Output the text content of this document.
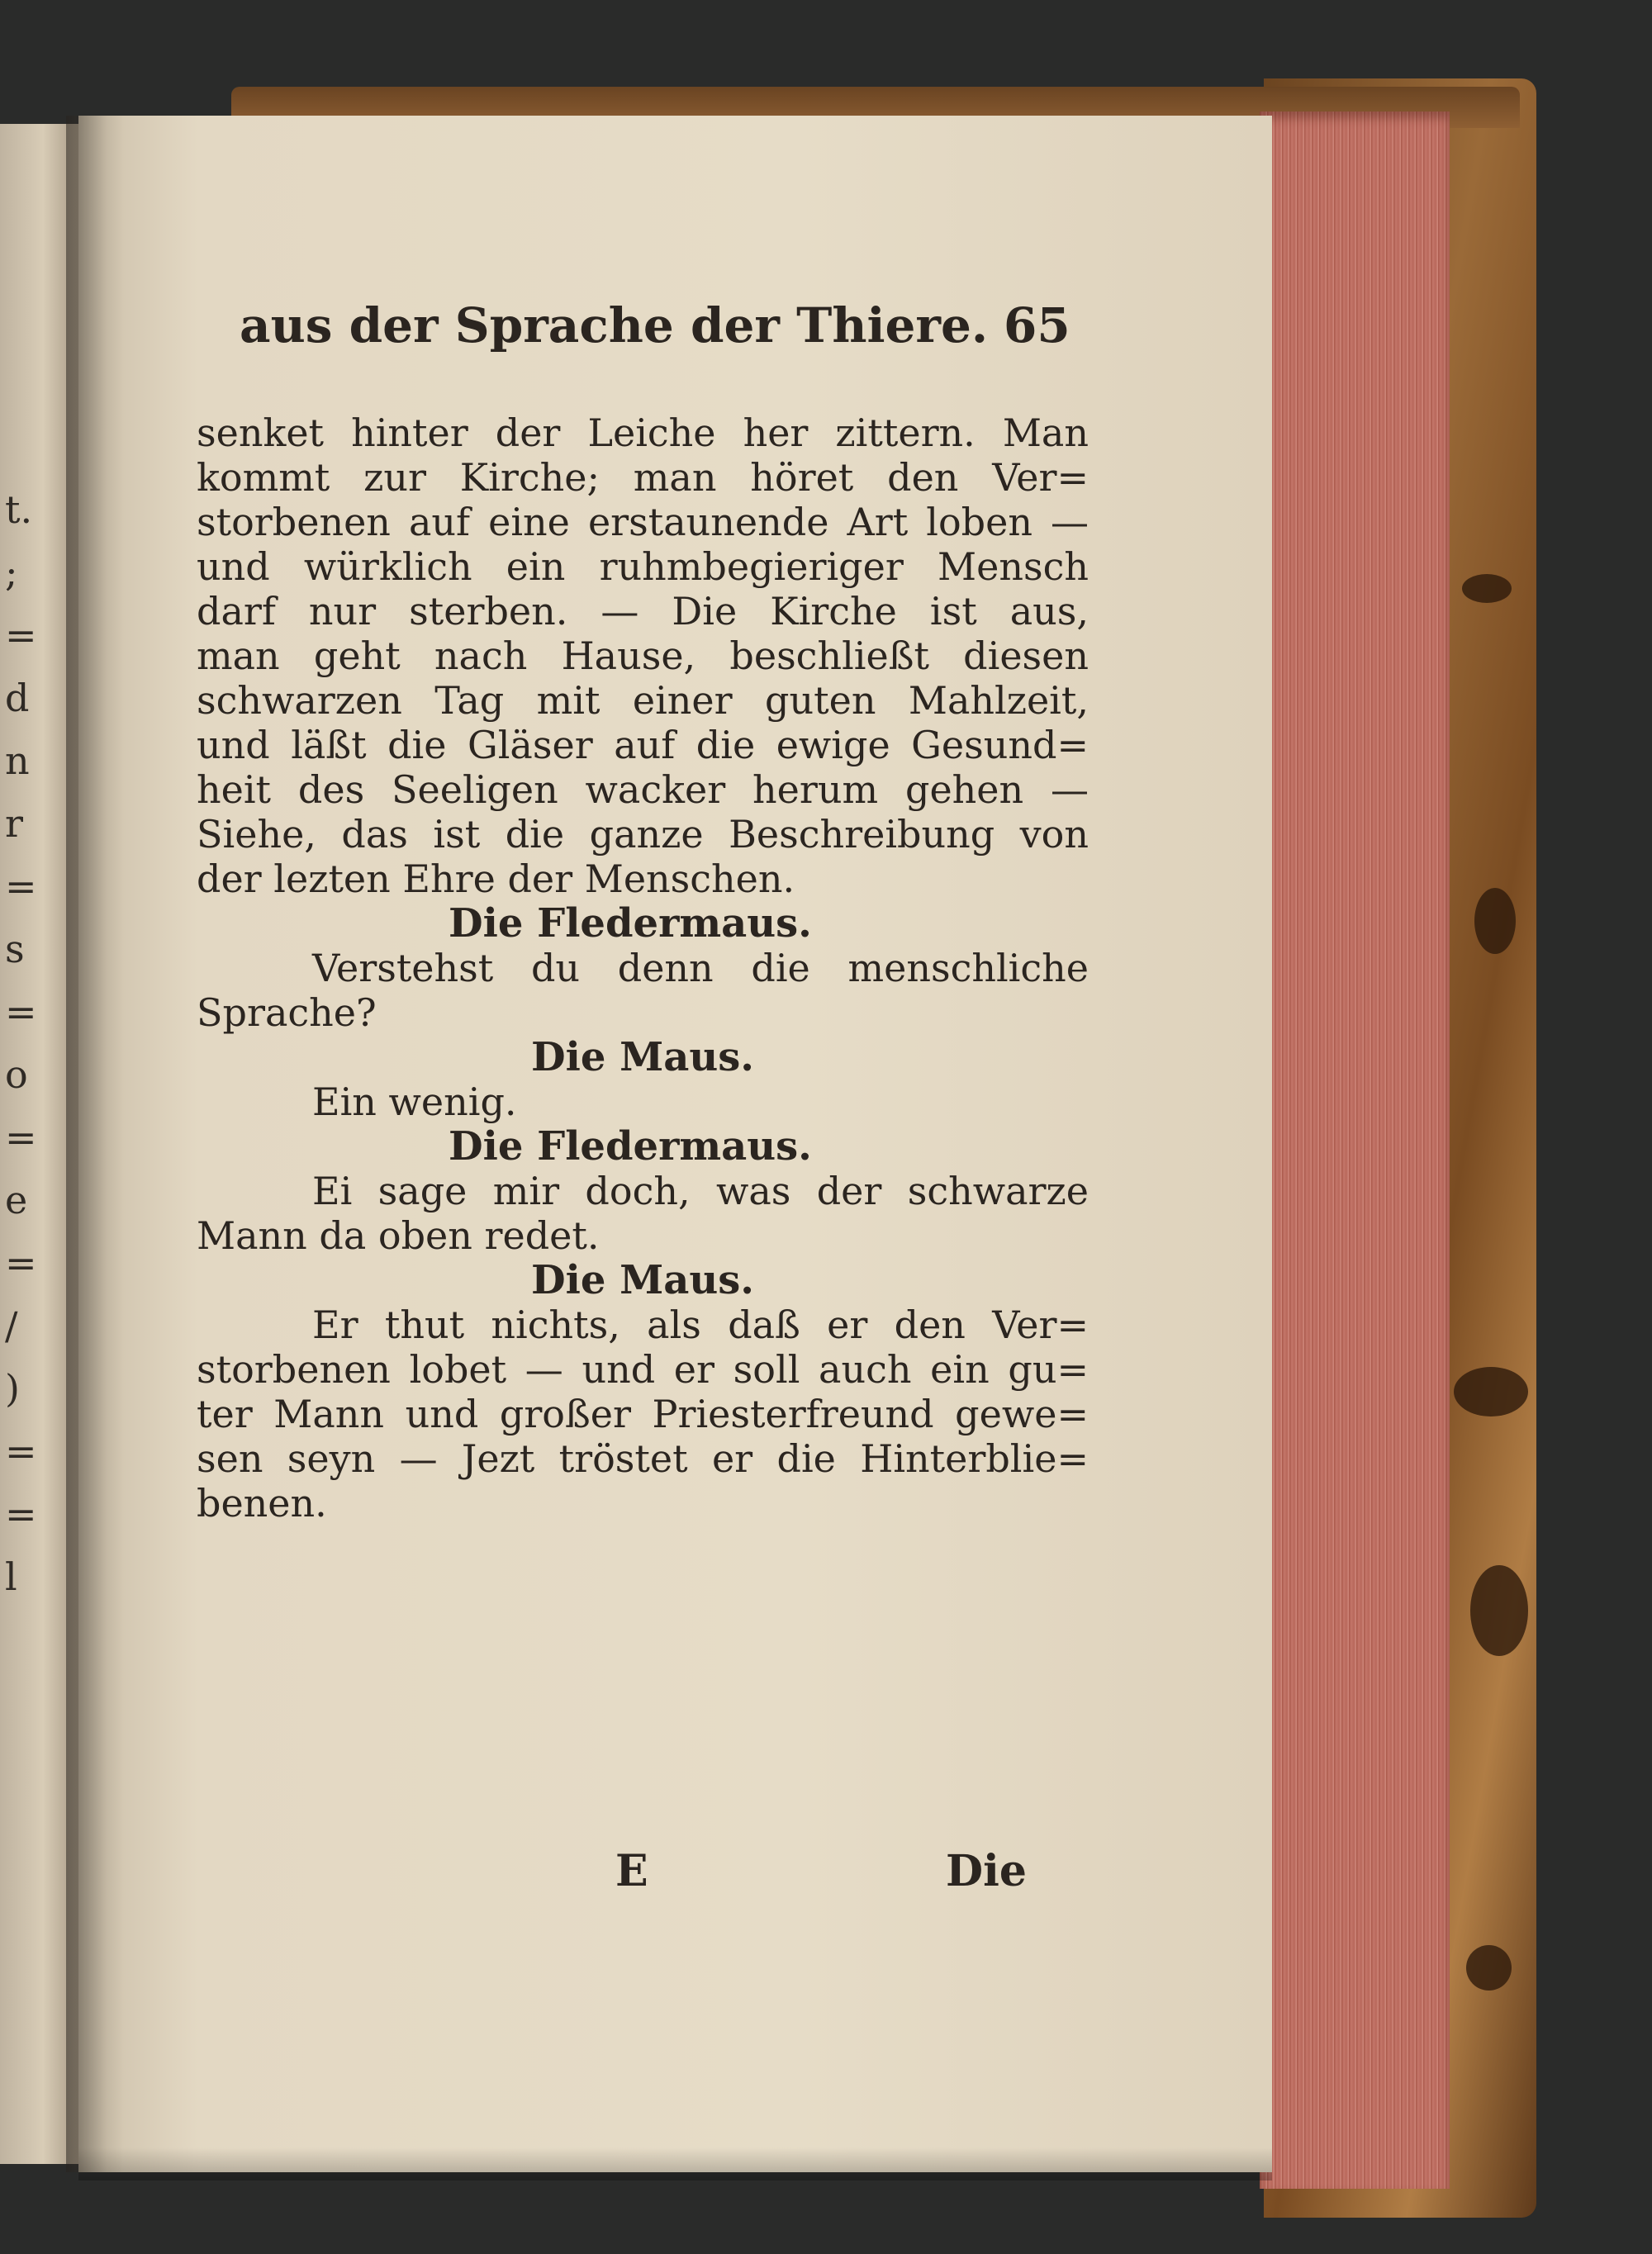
t.
;
=
d
n
r
=
s
=
o
=
e
=
/
)
=
=
l
aus der Sprache der Thiere. 65
senket hinter der Leiche her zittern. Man
kommt zur Kirche; man höret den Ver=
storbenen auf eine erstaunende Art loben —
und würklich ein ruhmbegieriger Mensch
darf nur sterben. — Die Kirche ist aus,
man geht nach Hause, beschließt diesen
schwarzen Tag mit einer guten Mahlzeit,
und läßt die Gläser auf die ewige Gesund=
heit des Seeligen wacker herum gehen —
Siehe, das ist die ganze Beschreibung von
der lezten Ehre der Menschen.
Die Fledermaus.
Verstehst du denn die menschliche
Sprache?
Die Maus.
Ein wenig.
Die Fledermaus.
Ei sage mir doch, was der schwarze
Mann da oben redet.
Die Maus.
Er thut nichts, als daß er den Ver=
storbenen lobet — und er soll auch ein gu=
ter Mann und großer Priesterfreund gewe=
sen seyn — Jezt tröstet er die Hinterblie=
benen.
E	Die
